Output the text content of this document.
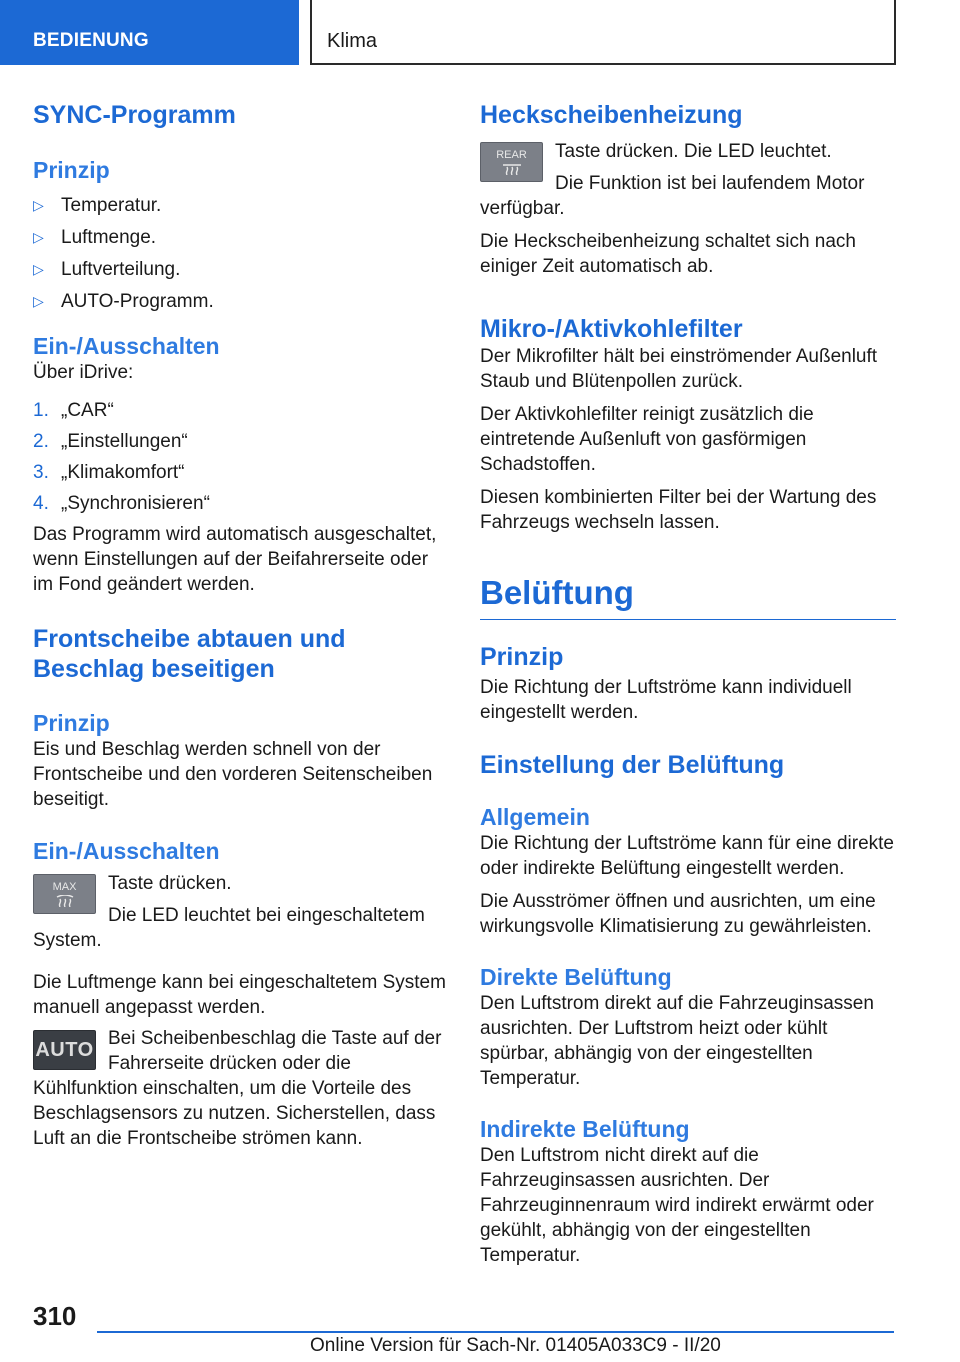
BEDIENUNG	Klima
SYNC-Programm
Prinzip
▷ Temperatur.
▷ Luftmenge.
▷ Luftverteilung.
▷ AUTO-Programm.
Ein-/Ausschalten

Über iDrive:

1. „CAR“
2. „Einstellungen“
3. „Klimakomfort“
4. „Synchronisieren“

Das Programm wird automatisch ausgeschaltet, wenn Einstellungen auf der Beifahrerseite oder im Fond geändert werden.

Frontscheibe abtauen und Beschlag beseitigen
Prinzip

Eis und Beschlag werden schnell von der Frontscheibe und den vorderen Seitenscheiben beseitigt.

Ein-/Ausschalten
MAX	Taste drücken.

Die LED leuchtet bei eingeschaltetem System.

Die Luftmenge kann bei eingeschaltetem System manuell angepasst werden.

AUTO

Bei Scheibenbeschlag die Taste auf der Fahrerseite drücken oder die Kühlfunktion einschalten, um die Vorteile des Beschlagsensors zu nutzen. Sicherstellen, dass Luft an die Frontscheibe strömen kann.

Heckscheibenheizung
REAR	Taste drücken. Die LED leuchtet.

Die Funktion ist bei laufendem Motor verfügbar.

Die Heckscheibenheizung schaltet sich nach einiger Zeit automatisch ab.

Mikro-/Aktivkohlefilter

Der Mikrofilter hält bei einströmender Außenluft Staub und Blütenpollen zurück.

Der Aktivkohlefilter reinigt zusätzlich die eintretende Außenluft von gasförmigen Schadstoffen.

Diesen kombinierten Filter bei der Wartung des Fahrzeugs wechseln lassen.

Belüftung
Prinzip

Die Richtung der Luftströme kann individuell eingestellt werden.

Einstellung der Belüftung
Allgemein

Die Richtung der Luftströme kann für eine direkte oder indirekte Belüftung eingestellt werden.

Die Ausströmer öffnen und ausrichten, um eine wirkungsvolle Klimatisierung zu gewährleisten.

Direkte Belüftung

Den Luftstrom direkt auf die Fahrzeuginsassen ausrichten. Der Luftstrom heizt oder kühlt spürbar, abhängig von der eingestellten Temperatur.

Indirekte Belüftung

Den Luftstrom nicht direkt auf die Fahrzeuginsassen ausrichten. Der Fahrzeuginnenraum wird indirekt erwärmt oder gekühlt, abhängig von der eingestellten Temperatur.

310
Online Version für Sach-Nr. 01405A033C9 - II/20
